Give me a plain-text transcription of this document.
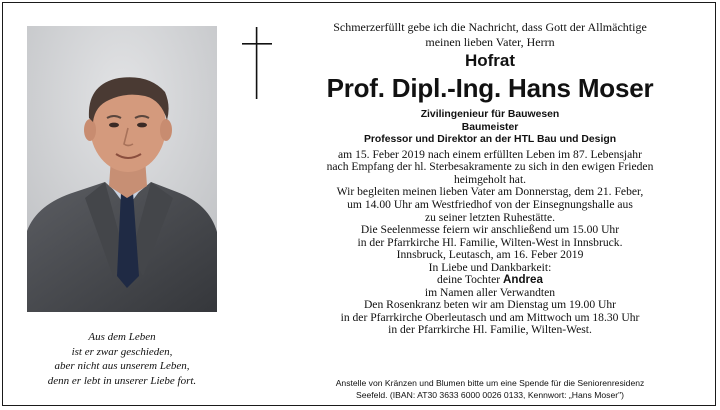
Aus dem Leben
ist er zwar geschieden,
aber nicht aus unserem Leben,
denn er lebt in unserer Liebe fort.
Schmerzerfüllt gebe ich die Nachricht, dass Gott der Allmächtige
meinen lieben Vater, Herrn
Hofrat
Prof. Dipl.-Ing. Hans Moser
Zivilingenieur für Bauwesen
Baumeister
Professor und Direktor an der HTL Bau und Design
am 15. Feber 2019 nach einem erfüllten Leben im 87. Lebensjahr
nach Empfang der hl. Sterbesakramente zu sich in den ewigen Frieden
heimgeholt hat.
Wir begleiten meinen lieben Vater am Donnerstag, dem 21. Feber,
um 14.00 Uhr am Westfriedhof von der Einsegnungshalle aus
zu seiner letzten Ruhestätte.
Die Seelenmesse feiern wir anschließend um 15.00 Uhr
in der Pfarrkirche Hl. Familie, Wilten-West in Innsbruck.
Innsbruck, Leutasch, am 16. Feber 2019
In Liebe und Dankbarkeit:
deine Tochter Andrea
im Namen aller Verwandten
Den Rosenkranz beten wir am Dienstag um 19.00 Uhr
in der Pfarrkirche Oberleutasch und am Mittwoch um 18.30 Uhr
in der Pfarrkirche Hl. Familie, Wilten-West.
Anstelle von Kränzen und Blumen bitte um eine Spende für die Seniorenresidenz
Seefeld. (IBAN: AT30 3633 6000 0026 0133, Kennwort: „Hans Moser")
